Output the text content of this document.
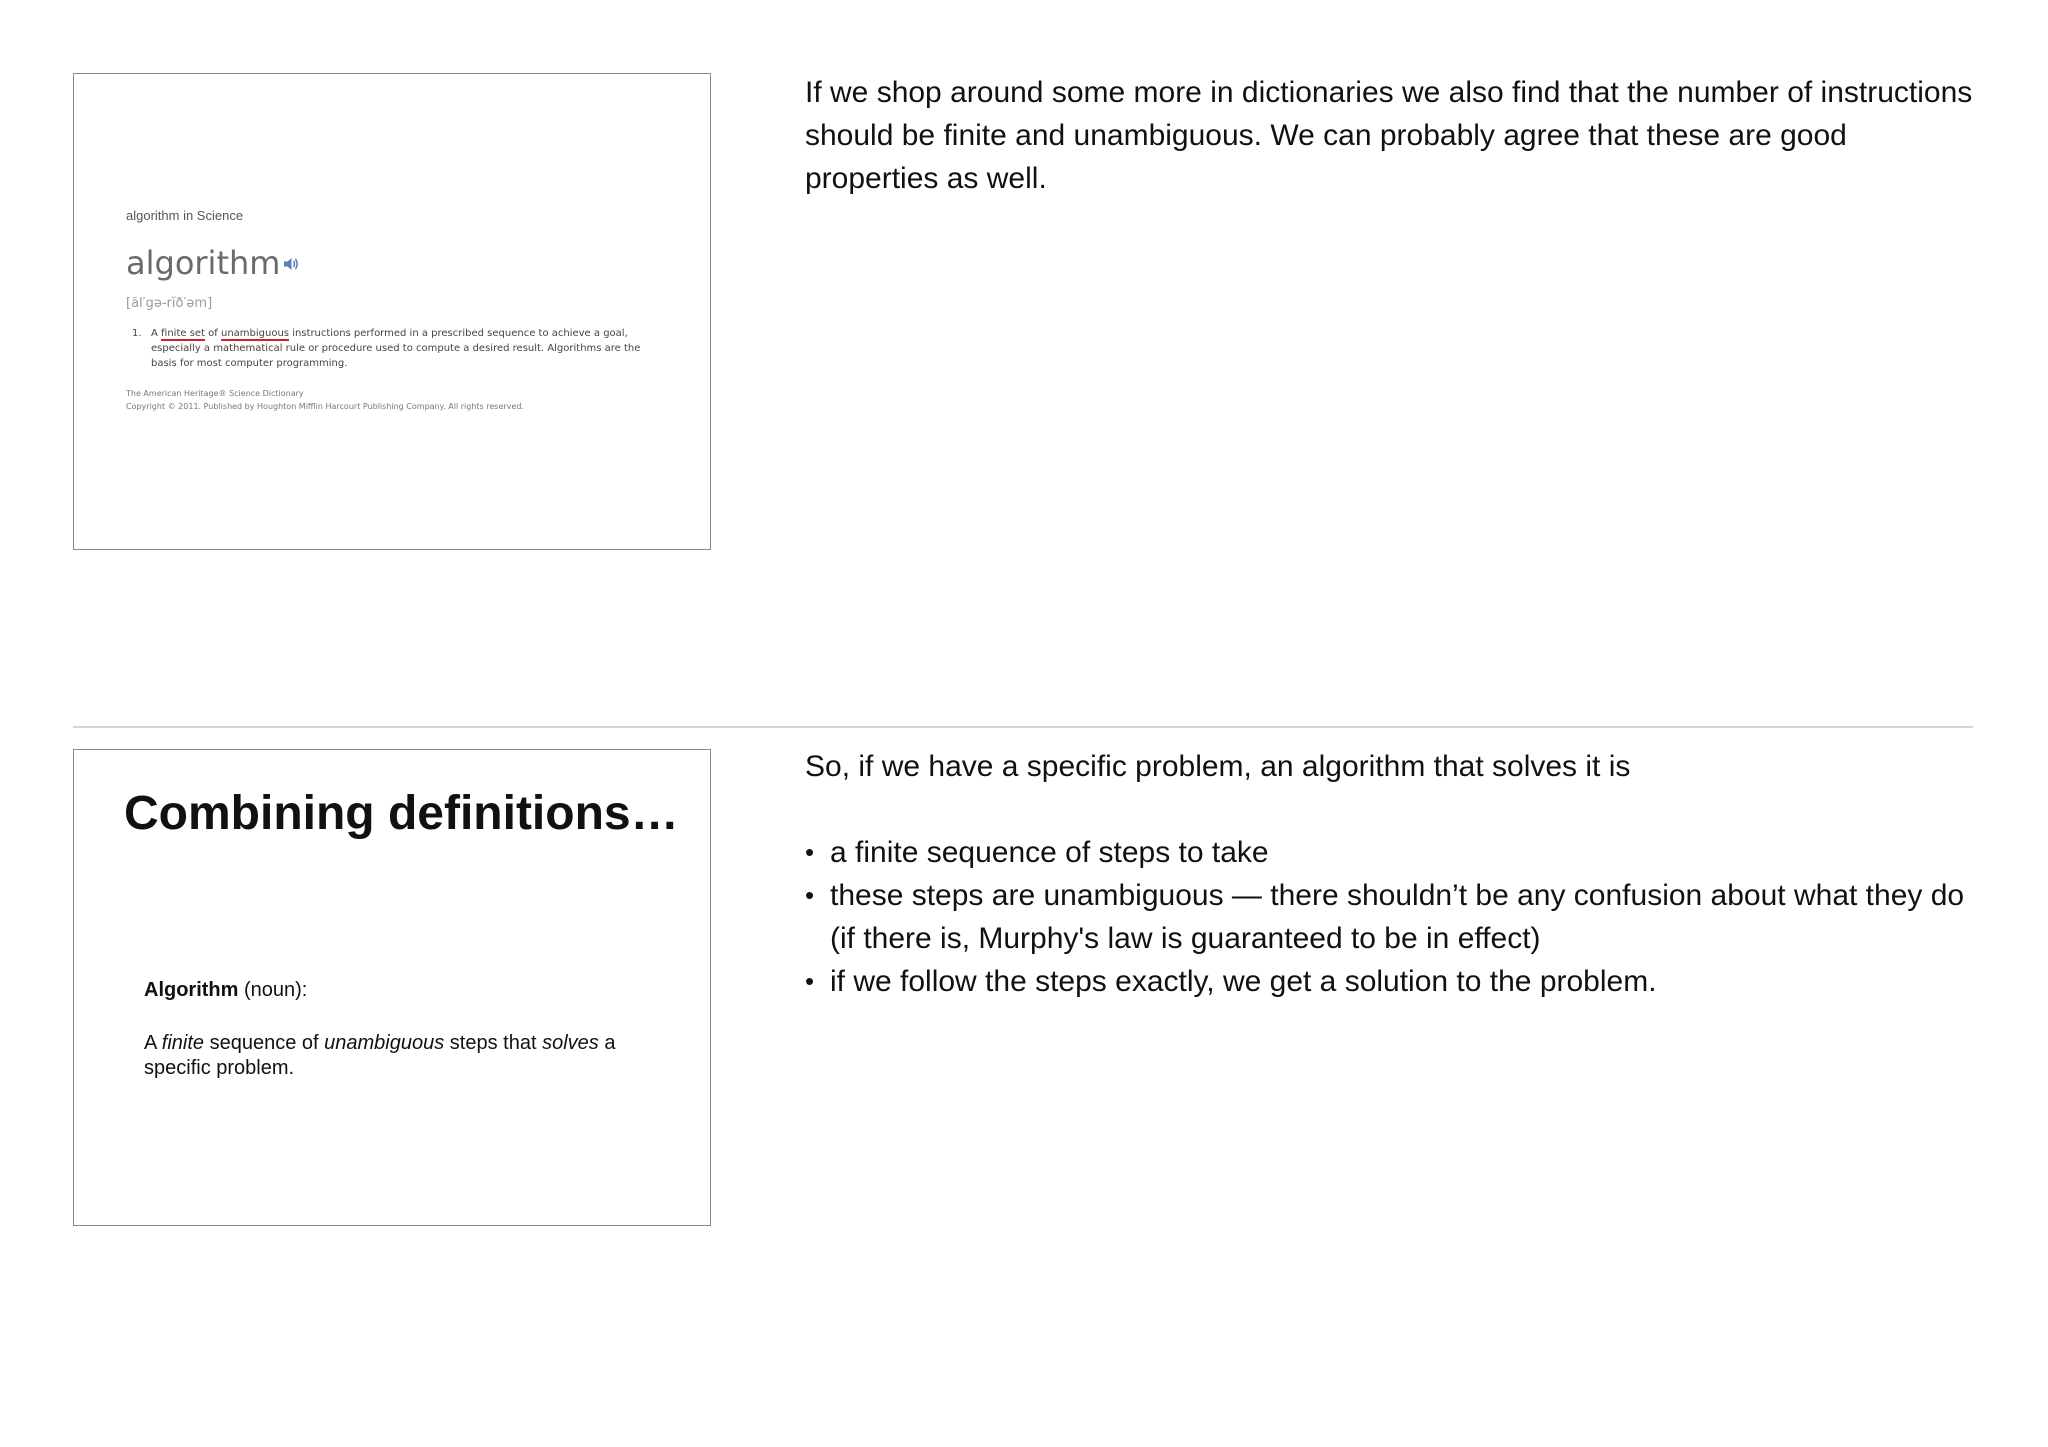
algorithm in Science
algorithm
[ăl′gə-rĭð′əm]
1. A finite set of unambiguous instructions performed in a prescribed sequence to achieve a goal, especially a mathematical rule or procedure used to compute a desired result. Algorithms are the basis for most computer programming.
The American Heritage® Science Dictionary
Copyright © 2011. Published by Houghton Mifflin Harcourt Publishing Company. All rights reserved.
If we shop around some more in dictionaries we also find that the number of instructions should be finite and unambiguous. We can probably agree that these are good properties as well.
Combining definitions…
Algorithm (noun):
A finite sequence of unambiguous steps that solves a specific problem.
So, if we have a specific problem, an algorithm that solves it is
• a finite sequence of steps to take
• these steps are unambiguous — there shouldn’t be any confusion about what they do (if there is, Murphy's law is guaranteed to be in effect)
• if we follow the steps exactly, we get a solution to the problem.
